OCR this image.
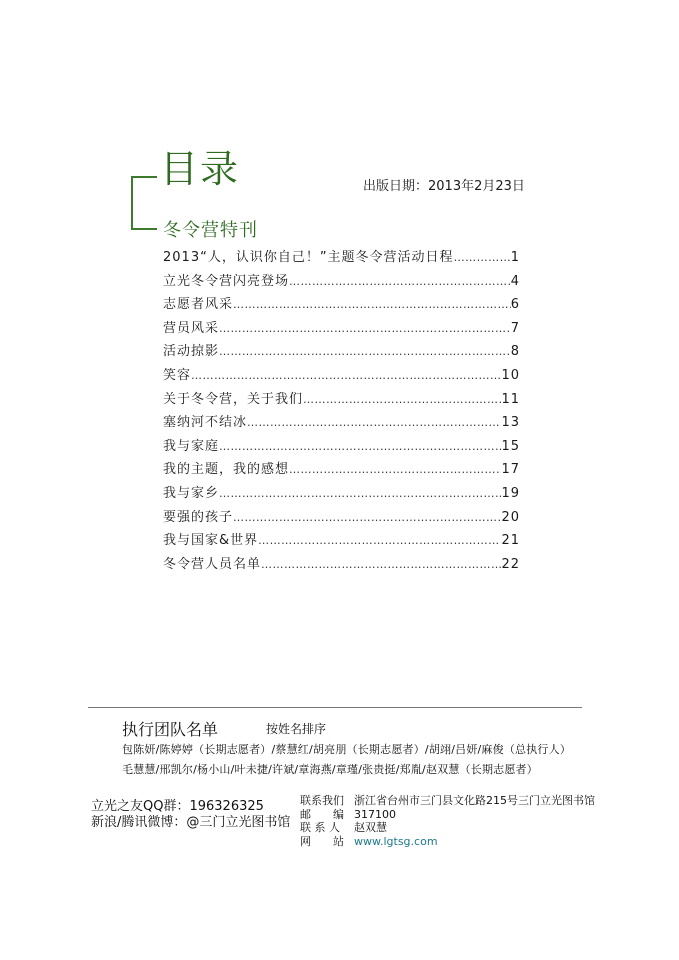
目录	出版日期：2013年2月23日
冬令营特刊
2013“人，认识你自己！”主题冬令营活动日程 ……………………………………………………………………………………………………………………………………	1
立光冬令营闪亮登场 ……………………………………………………………………………………………………………………………………	4
志愿者风采 ……………………………………………………………………………………………………………………………………	6
营员风采 ……………………………………………………………………………………………………………………………………	7
活动掠影 ……………………………………………………………………………………………………………………………………	8
笑容 ……………………………………………………………………………………………………………………………………	10
关于冬令营，关于我们 ……………………………………………………………………………………………………………………………………	11
塞纳河不结冰 ……………………………………………………………………………………………………………………………………	13
我与家庭 ……………………………………………………………………………………………………………………………………	15
我的主题，我的感想 ……………………………………………………………………………………………………………………………………	17
我与家乡 ……………………………………………………………………………………………………………………………………	19
要强的孩子 ……………………………………………………………………………………………………………………………………	20
我与国家&世界 ……………………………………………………………………………………………………………………………………	21
冬令营人员名单 ……………………………………………………………………………………………………………………………………	22
执行团队名单	按姓名排序
包陈妍/陈婷婷（长期志愿者）/蔡慧红/胡亮朋（长期志愿者）/胡翊/吕妍/麻俊（总执行人）
毛慧慧/邢凯尔/杨小山/叶未捷/许斌/章海燕/章瑾/张贵挺/郑胤/赵双慧（长期志愿者）
立光之友QQ群：196326325
新浪/腾讯微博：@三门立光图书馆
联系我们 浙江省台州市三门县文化路215号三门立光图书馆
邮　　编 317100
联 系 人	赵双慧
网　　站 www.lgtsg.com
